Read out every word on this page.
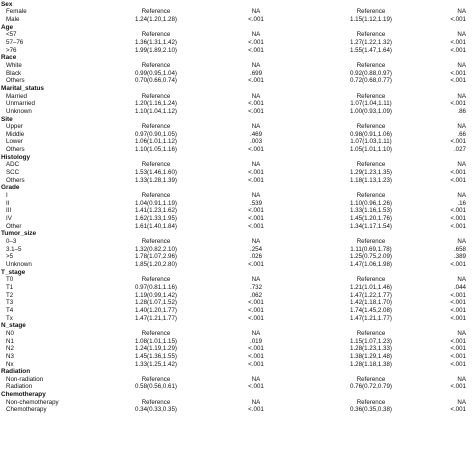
Sex
Female	Reference	NA	Reference	NA
Male	1.24(1.20,1.28)	<.001	1.15(1.12,1.19)	<.001
Age
<57	Reference	NA	Reference	NA
57–76	1.36(1.31,1.42)	<.001	1.27(1.22,1.32)	<.001
>76	1.99(1.89,2.10)	<.001	1.55(1.47,1.64)	<.001
Race
White	Reference	NA	Reference	NA
Black	0.99(0.95,1.04)	.699	0.92(0.88,0.97)	<.001
Others	0.70(0.66,0.74)	<.001	0.72(0.68,0.77)	<.001
Marital_status
Married	Reference	NA	Reference	NA
Unmarried	1.20(1.16,1.24)	<.001	1.07(1.04,1.11)	<.001
Unknown	1.10(1.04,1.12)	<.001	1.00(0.93,1.09)	.86
Site
Upper	Reference	NA	Reference	NA
Middle	0.97(0.90,1.05)	.469	0.98(0.91,1.06)	.66
Lower	1.06(1.01,1.12)	.003	1.07(1.03,1.11)	<.001
Others	1.10(1.05,1.16)	<.001	1.05(1.01,1.10)	.027
Histology
ADC	Reference	NA	Reference	NA
SCC	1.53(1.46,1.60)	<.001	1.29(1.23,1.35)	<.001
Others	1.33(1.28,1.39)	<.001	1.18(1.13,1.23)	<.001
Grade
I	Reference	NA	Reference	NA
II	1.04(0.91,1.19)	.539	1.10(0.96,1.26)	.16
III	1.41(1.23,1.62)	<.001	1.33(1.16,1.53)	<.001
IV	1.62(1.33,1.95)	<.001	1.45(1.20,1.76)	<.001
Other	1.61(1.40,1.84)	<.001	1.34(1.17,1.54)	<.001
Tumor_size
0–3	Reference	NA	Reference	NA
3.1–5	1.32(0.82,2.10)	.254	1.11(0.69,1.78)	.658
>5	1.78(1.07,2.96)	.026	1.25(0.75,2.09)	.389
Unknown	1.85(1.20,2.80)	<.001	1.47(1.06,1.98)	<.001
T_stage
T0	Reference	NA	Reference	NA
T1	0.97(0.81,1.16)	.732	1.21(1.01,1.46)	.044
T2	1.19(0.99,1.42)	.062	1.47(1.22,1.77)	<.001
T3	1.28(1.07,1.52)	<.001	1.42(1.18,1.70)	<.001
T4	1.40(1.20,1.77)	<.001	1.74(1.45,2.08)	<.001
Tx	1.47(1.21,1.77)	<.001	1.47(1.21,1.77)	<.001
N_stage
N0	Reference	NA	Reference	NA
N1	1.08(1.01,1.15)	.019	1.15(1.07,1.23)	<.001
N2	1.24(1.19,1.29)	<.001	1.28(1.23,1.33)	<.001
N3	1.45(1.36,1.55)	<.001	1.38(1.29,1.48)	<.001
Nx	1.33(1.25,1.42)	<.001	1.28(1.18,1.38)	<.001
Radiation
Non-radiation	Reference	NA	Reference	NA
Radiation	0.58(0.56,0.61)	<.001	0.76(0.72,0.79)	<.001
Chemotherapy
Non-chemotherapy	Reference	NA	Reference	NA
Chemotherapy	0.34(0.33,0.35)	<.001	0.36(0.35,0.38)	<.001
